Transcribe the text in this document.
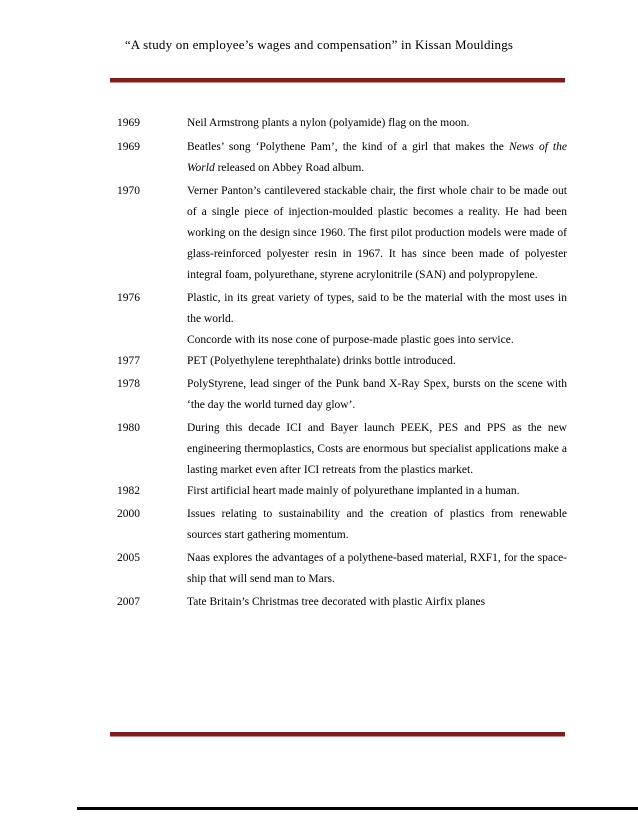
“A study on employee’s wages and compensation” in Kissan Mouldings
1969	Neil Armstrong plants a nylon (polyamide) flag on the moon.
1969	Beatles’ song ‘Polythene Pam’, the kind of a girl that makes the News of the World released on Abbey Road album.
1970	Verner Panton’s cantilevered stackable chair, the first whole chair to be made out of a single piece of injection-moulded plastic becomes a reality. He had been working on the design since 1960. The first pilot production models were made of glass-reinforced polyester resin in 1967. It has since been made of polyester integral foam, polyurethane, styrene acrylonitrile (SAN) and polypropylene.
1976	Plastic, in its great variety of types, said to be the material with the most uses in the world.
Concorde with its nose cone of purpose-made plastic goes into service.
1977	PET (Polyethylene terephthalate) drinks bottle introduced.
1978	PolyStyrene, lead singer of the Punk band X-Ray Spex, bursts on the scene with ‘the day the world turned day glow’.
1980	During this decade ICI and Bayer launch PEEK, PES and PPS as the new engineering thermoplastics, Costs are enormous but specialist applications make a lasting market even after ICI retreats from the plastics market.
1982	First artificial heart made mainly of polyurethane implanted in a human.
2000	Issues relating to sustainability and the creation of plastics from renewable sources start gathering momentum.
2005	Naas explores the advantages of a polythene-based material, RXF1, for the space-ship that will send man to Mars.
2007	Tate Britain’s Christmas tree decorated with plastic Airfix planes
